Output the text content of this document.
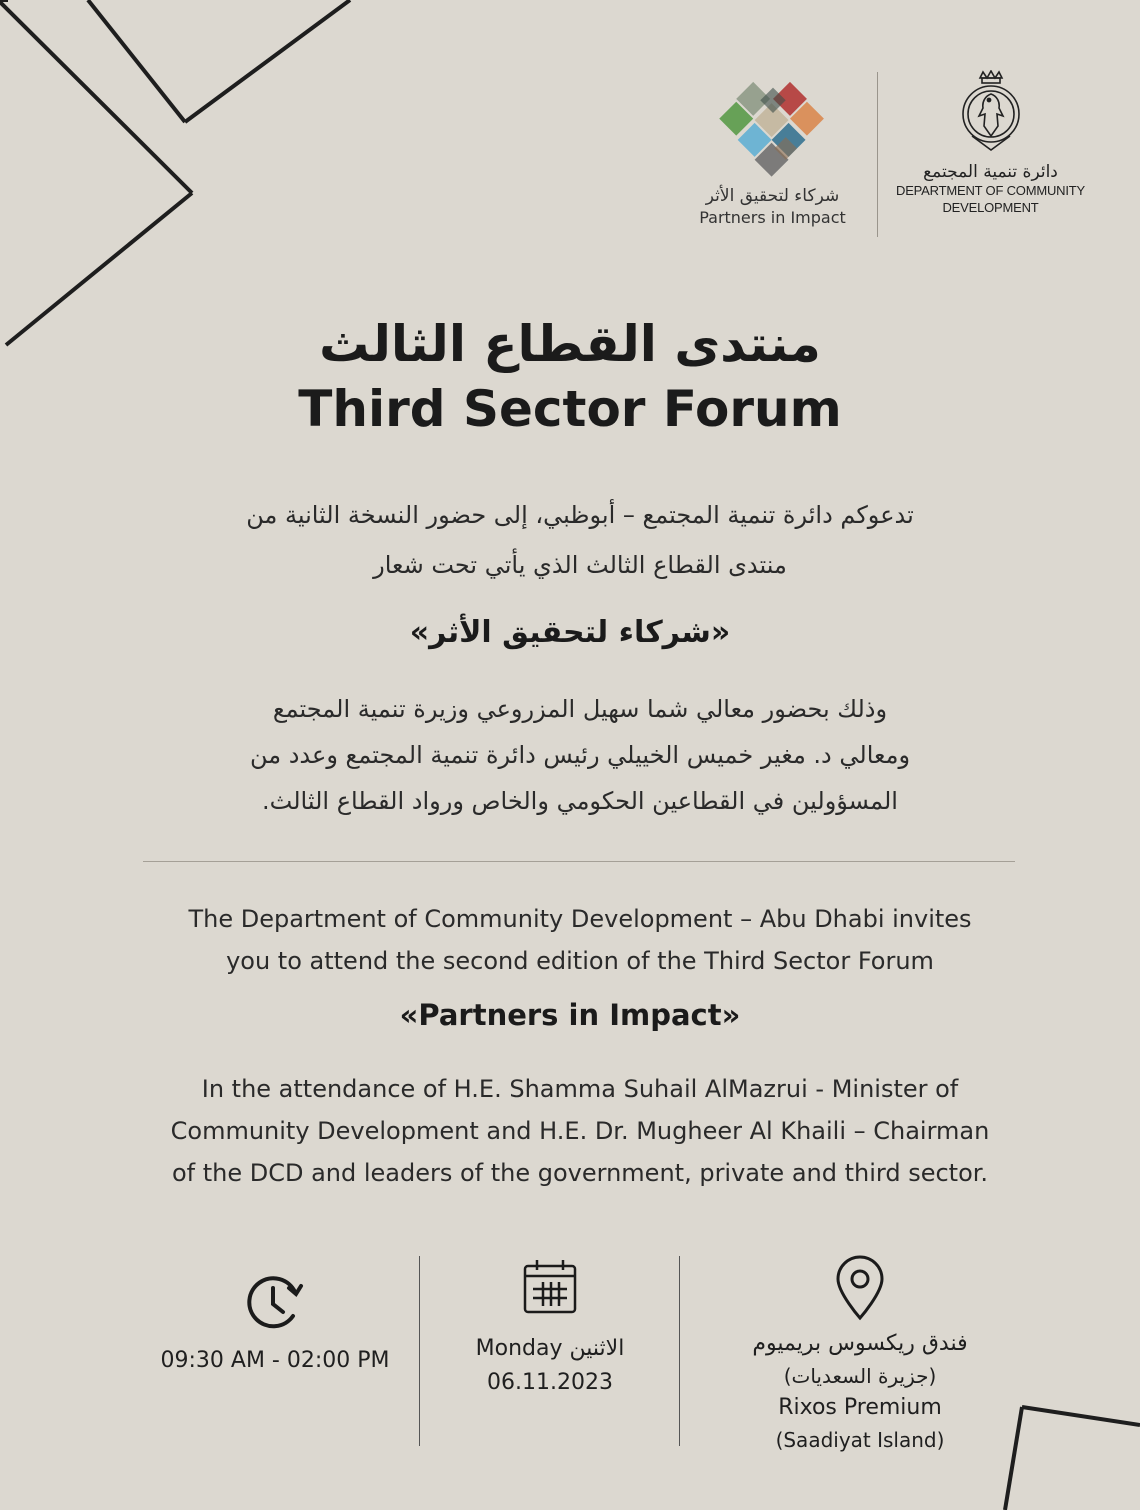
شركاء لتحقيق الأثر
Partners in Impact
دائرة تنمية المجتمع
DEPARTMENT OF COMMUNITY
DEVELOPMENT
منتدى القطاع الثالث
Third Sector Forum
تدعوكم دائرة تنمية المجتمع – أبوظبي، إلى حضور النسخة الثانية من
منتدى القطاع الثالث الذي يأتي تحت شعار
«شركاء لتحقيق الأثر»
وذلك بحضور معالي شما سهيل المزروعي وزيرة تنمية المجتمع
ومعالي د. مغير خميس الخييلي رئيس دائرة تنمية المجتمع وعدد من
المسؤولين في القطاعين الحكومي والخاص ورواد القطاع الثالث.
The Department of Community Development – Abu Dhabi invites
you to attend the second edition of the Third Sector Forum
«Partners in Impact»
In the attendance of H.E. Shamma Suhail AlMazrui - Minister of
Community Development and H.E. Dr. Mugheer Al Khaili – Chairman
of the DCD and leaders of the government, private and third sector.
09:30 AM - 02:00 PM	Monday الاثنين
06.11.2023
فندق ريكسوس بريميوم
(جزيرة السعديات)
Rixos Premium
(Saadiyat Island)
